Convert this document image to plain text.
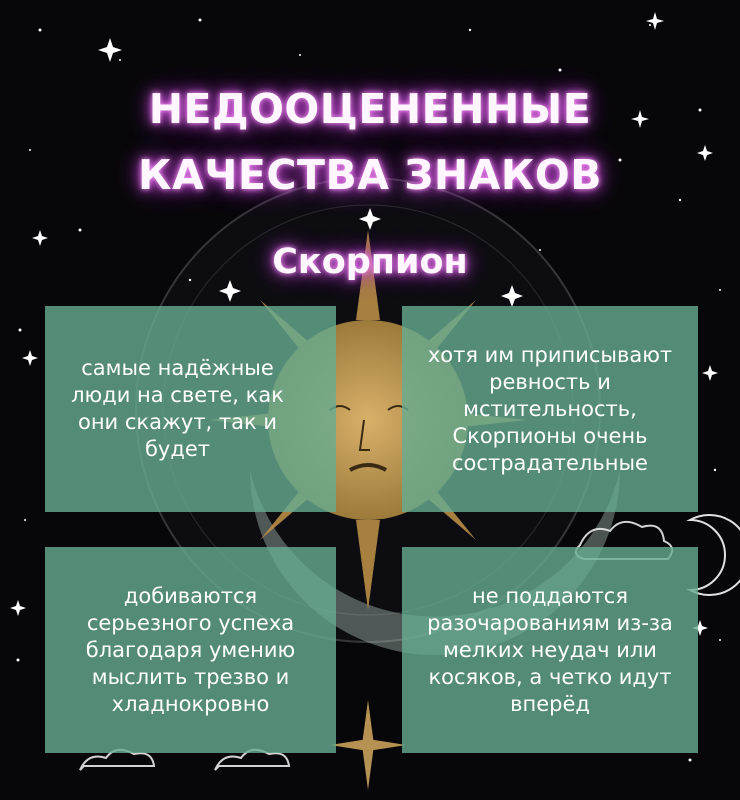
НЕДООЦЕНЕННЫЕ
КАЧЕСТВА ЗНАКОВ
Скорпион
самые надёжные люди на свете, как они скажут, так и будет
хотя им приписывают ревность и мстительность, Скорпионы очень сострадательные
добиваются серьезного успеха благодаря умению мыслить трезво и хладнокровно
не поддаются разочарованиям из-за мелких неудач или косяков, а четко идут вперёд
